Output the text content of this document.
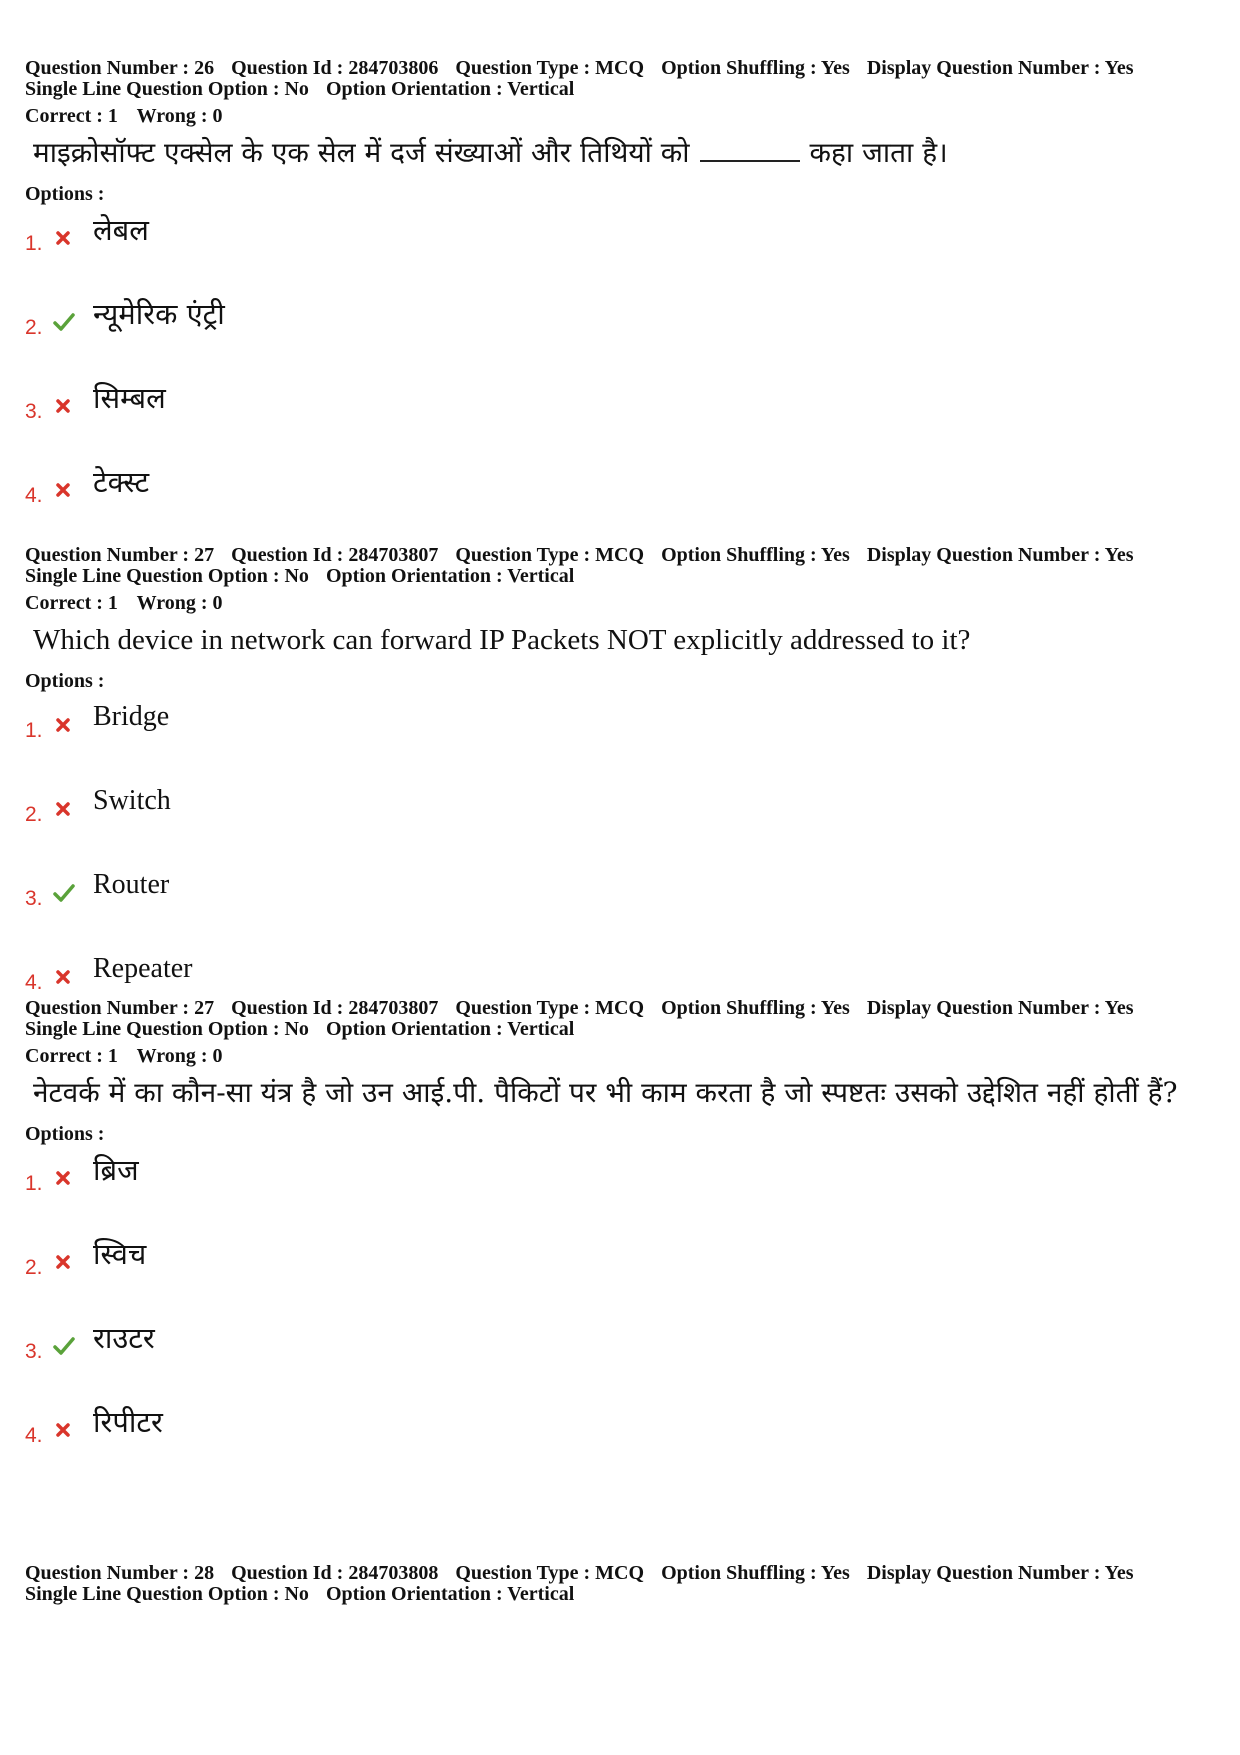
Question Number : 26 Question Id : 284703806 Question Type : MCQ Option Shuffling : Yes Display Question Number : Yes
Single Line Question Option : No Option Orientation : Vertical
Correct : 1 Wrong : 0
माइक्रोसॉफ्ट एक्सेल के एक सेल में दर्ज संख्याओं और तिथियों को	कहा जाता है।
Options :
1. लेबल
2. न्यूमेरिक एंट्री
3. सिम्बल
4. टेक्स्ट
Question Number : 27 Question Id : 284703807 Question Type : MCQ Option Shuffling : Yes Display Question Number : Yes
Single Line Question Option : No Option Orientation : Vertical
Correct : 1 Wrong : 0
Which device in network can forward IP Packets NOT explicitly addressed to it?
Options :
1. Bridge
2. Switch
3. Router
4. Repeater
Question Number : 27 Question Id : 284703807 Question Type : MCQ Option Shuffling : Yes Display Question Number : Yes
Single Line Question Option : No Option Orientation : Vertical
Correct : 1 Wrong : 0
नेटवर्क में का कौन-सा यंत्र है जो उन आई.पी. पैकिटों पर भी काम करता है जो स्पष्टतः उसको उद्देशित नहीं होतीं हैं?
Options :
1. ब्रिज
2. स्विच
3. राउटर
4. रिपीटर
Question Number : 28 Question Id : 284703808 Question Type : MCQ Option Shuffling : Yes Display Question Number : Yes
Single Line Question Option : No Option Orientation : Vertical
